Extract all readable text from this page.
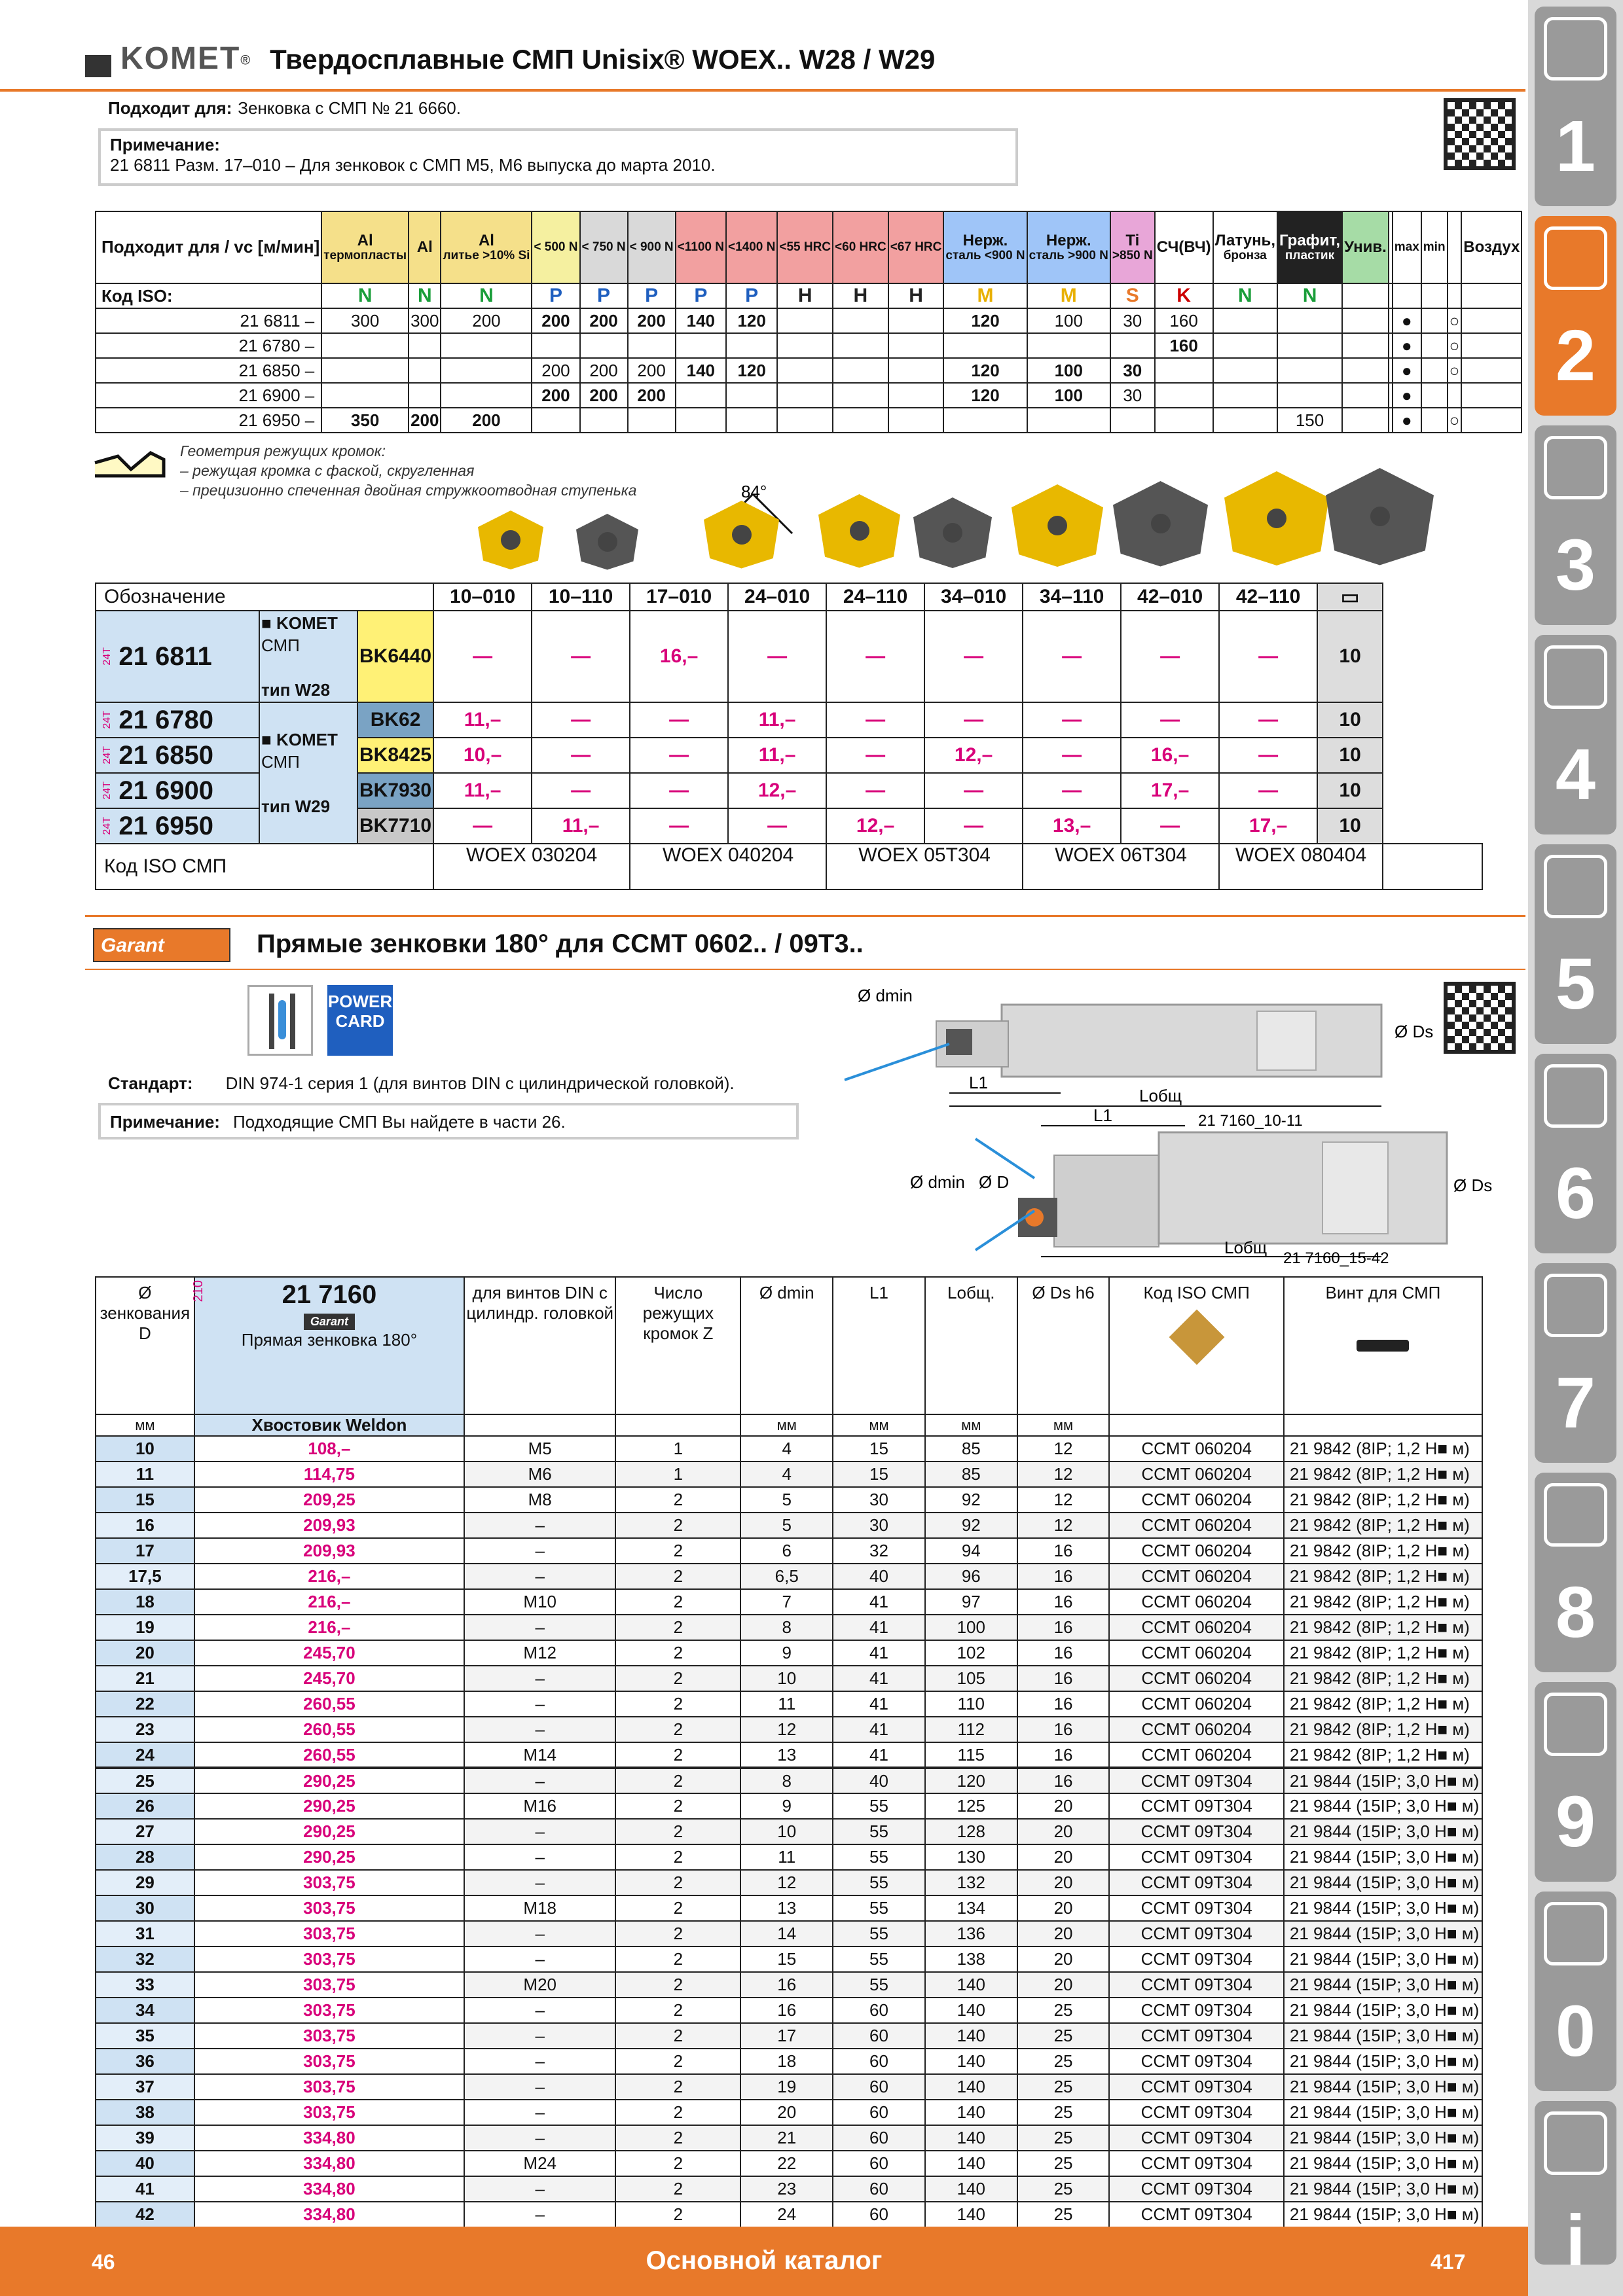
KOMET® Твердосплавные СМП Unisix® WOEX.. W28 / W29
Подходит для: Зенковка с СМП № 21 6660.
Примечание:
21 6811 Разм. 17–010 – Для зенковок с СМП М5, М6 выпуска до марта 2010.
Подходит для / vc [м/мин]	Al
термопласты	Al	Al
литье >10% Si	< 500 N	< 750 N	< 900 N	<1100 N	<1400 N	<55 HRC	<60 HRC	<67 HRC	Нерж.
сталь <900 N	Нерж.
сталь >900 N	Ti
>850 N	СЧ(ВЧ)	Латунь,
бронза	Графит,
пластик	Унив.		max	min		Воздух

Код ISO:	N	N	N	P	P	P	P	P	H	H	H	M	M	S	K	N	N						
21 6811 –	300	300	200	200	200	200	140	120				120	100	30	160					●		○	
21 6780 –															160					●		○	
21 6850 –				200	200	200	140	120				120	100	30						●		○	
21 6900 –				200	200	200						120	100	30						●			
21 6950 –	350	200	200														150			●		○	
Геометрия режущих кромок:
– режущая кромка с фаской, скругленная
– прецизионно спеченная двойная стружкоотводная ступенька	84°
Обозначение			10–010	10–110	17–010	24–010	24–110	34–010	34–110	42–010	42–110	▭	
24T 21 6811	■ KOMET
СМП

тип W28	BK6440	—	—	16,–	—	—	—	—	—	—	10	
24T 21 6780	■ KOMET
СМП

тип W29	BK62	11,–	—	—	11,–	—	—	—	—	—	10	
24T 21 6850		BK8425	10,–	—	—	11,–	—	12,–	—	16,–	—	10	
24T 21 6900		BK7930	11,–	—	—	12,–	—	—	—	17,–	—	10	
24T 21 6950		BK7710	—	11,–	—	—	12,–	—	13,–	—	17,–	10	
Код ISO СМП			WOEX 030204		WOEX 040204		WOEX 05T304		WOEX 06T304		WOEX 080404		
Garant	Прямые зенковки 180° для CCMT 0602.. / 09T3..
POWER
CARD
Стандарт: DIN 974-1 серия 1 (для винтов DIN с цилиндрической головкой).
Примечание: Подходящие СМП Вы найдете в части 26.
L1
Lобщ
Ø dmin
Ø Ds
21 7160_10-11
L1
Lобщ
Ø dmin Ø D	Ø Ds
21 7160_15-42
Ø зенкования D	210 21 7160
Garant
Прямая зенковка 180°	для винтов DIN с цилиндр. головкой	Число режущих кромок Z	Ø dmin	L1	Lобщ.	Ø Ds h6	Код ISO СМП	Винт для СМП

мм	Хвостовик Weldon			мм	мм	мм	мм		
10	108,–	M5	1	4	15	85	12	CCMT 060204	21 9842 (8IP; 1,2 Н■ м)
11	114,75	M6	1	4	15	85	12	CCMT 060204	21 9842 (8IP; 1,2 Н■ м)
15	209,25	M8	2	5	30	92	12	CCMT 060204	21 9842 (8IP; 1,2 Н■ м)
16	209,93	–	2	5	30	92	12	CCMT 060204	21 9842 (8IP; 1,2 Н■ м)
17	209,93	–	2	6	32	94	16	CCMT 060204	21 9842 (8IP; 1,2 Н■ м)
17,5	216,–	–	2	6,5	40	96	16	CCMT 060204	21 9842 (8IP; 1,2 Н■ м)
18	216,–	M10	2	7	41	97	16	CCMT 060204	21 9842 (8IP; 1,2 Н■ м)
19	216,–	–	2	8	41	100	16	CCMT 060204	21 9842 (8IP; 1,2 Н■ м)
20	245,70	M12	2	9	41	102	16	CCMT 060204	21 9842 (8IP; 1,2 Н■ м)
21	245,70	–	2	10	41	105	16	CCMT 060204	21 9842 (8IP; 1,2 Н■ м)
22	260,55	–	2	11	41	110	16	CCMT 060204	21 9842 (8IP; 1,2 Н■ м)
23	260,55	–	2	12	41	112	16	CCMT 060204	21 9842 (8IP; 1,2 Н■ м)
24	260,55	M14	2	13	41	115	16	CCMT 060204	21 9842 (8IP; 1,2 Н■ м)
25	290,25	–	2	8	40	120	16	CCMT 09T304	21 9844 (15IP; 3,0 Н■ м)
26	290,25	M16	2	9	55	125	20	CCMT 09T304	21 9844 (15IP; 3,0 Н■ м)
27	290,25	–	2	10	55	128	20	CCMT 09T304	21 9844 (15IP; 3,0 Н■ м)
28	290,25	–	2	11	55	130	20	CCMT 09T304	21 9844 (15IP; 3,0 Н■ м)
29	303,75	–	2	12	55	132	20	CCMT 09T304	21 9844 (15IP; 3,0 Н■ м)
30	303,75	M18	2	13	55	134	20	CCMT 09T304	21 9844 (15IP; 3,0 Н■ м)
31	303,75	–	2	14	55	136	20	CCMT 09T304	21 9844 (15IP; 3,0 Н■ м)
32	303,75	–	2	15	55	138	20	CCMT 09T304	21 9844 (15IP; 3,0 Н■ м)
33	303,75	M20	2	16	55	140	20	CCMT 09T304	21 9844 (15IP; 3,0 Н■ м)
34	303,75	–	2	16	60	140	25	CCMT 09T304	21 9844 (15IP; 3,0 Н■ м)
35	303,75	–	2	17	60	140	25	CCMT 09T304	21 9844 (15IP; 3,0 Н■ м)
36	303,75	–	2	18	60	140	25	CCMT 09T304	21 9844 (15IP; 3,0 Н■ м)
37	303,75	–	2	19	60	140	25	CCMT 09T304	21 9844 (15IP; 3,0 Н■ м)
38	303,75	–	2	20	60	140	25	CCMT 09T304	21 9844 (15IP; 3,0 Н■ м)
39	334,80	–	2	21	60	140	25	CCMT 09T304	21 9844 (15IP; 3,0 Н■ м)
40	334,80	M24	2	22	60	140	25	CCMT 09T304	21 9844 (15IP; 3,0 Н■ м)
41	334,80	–	2	23	60	140	25	CCMT 09T304	21 9844 (15IP; 3,0 Н■ м)
42	334,80	–	2	24	60	140	25	CCMT 09T304	21 9844 (15IP; 3,0 Н■ м)
1
2
3
4
5
6
7
8
9
0
i
46	Основной каталог	417
